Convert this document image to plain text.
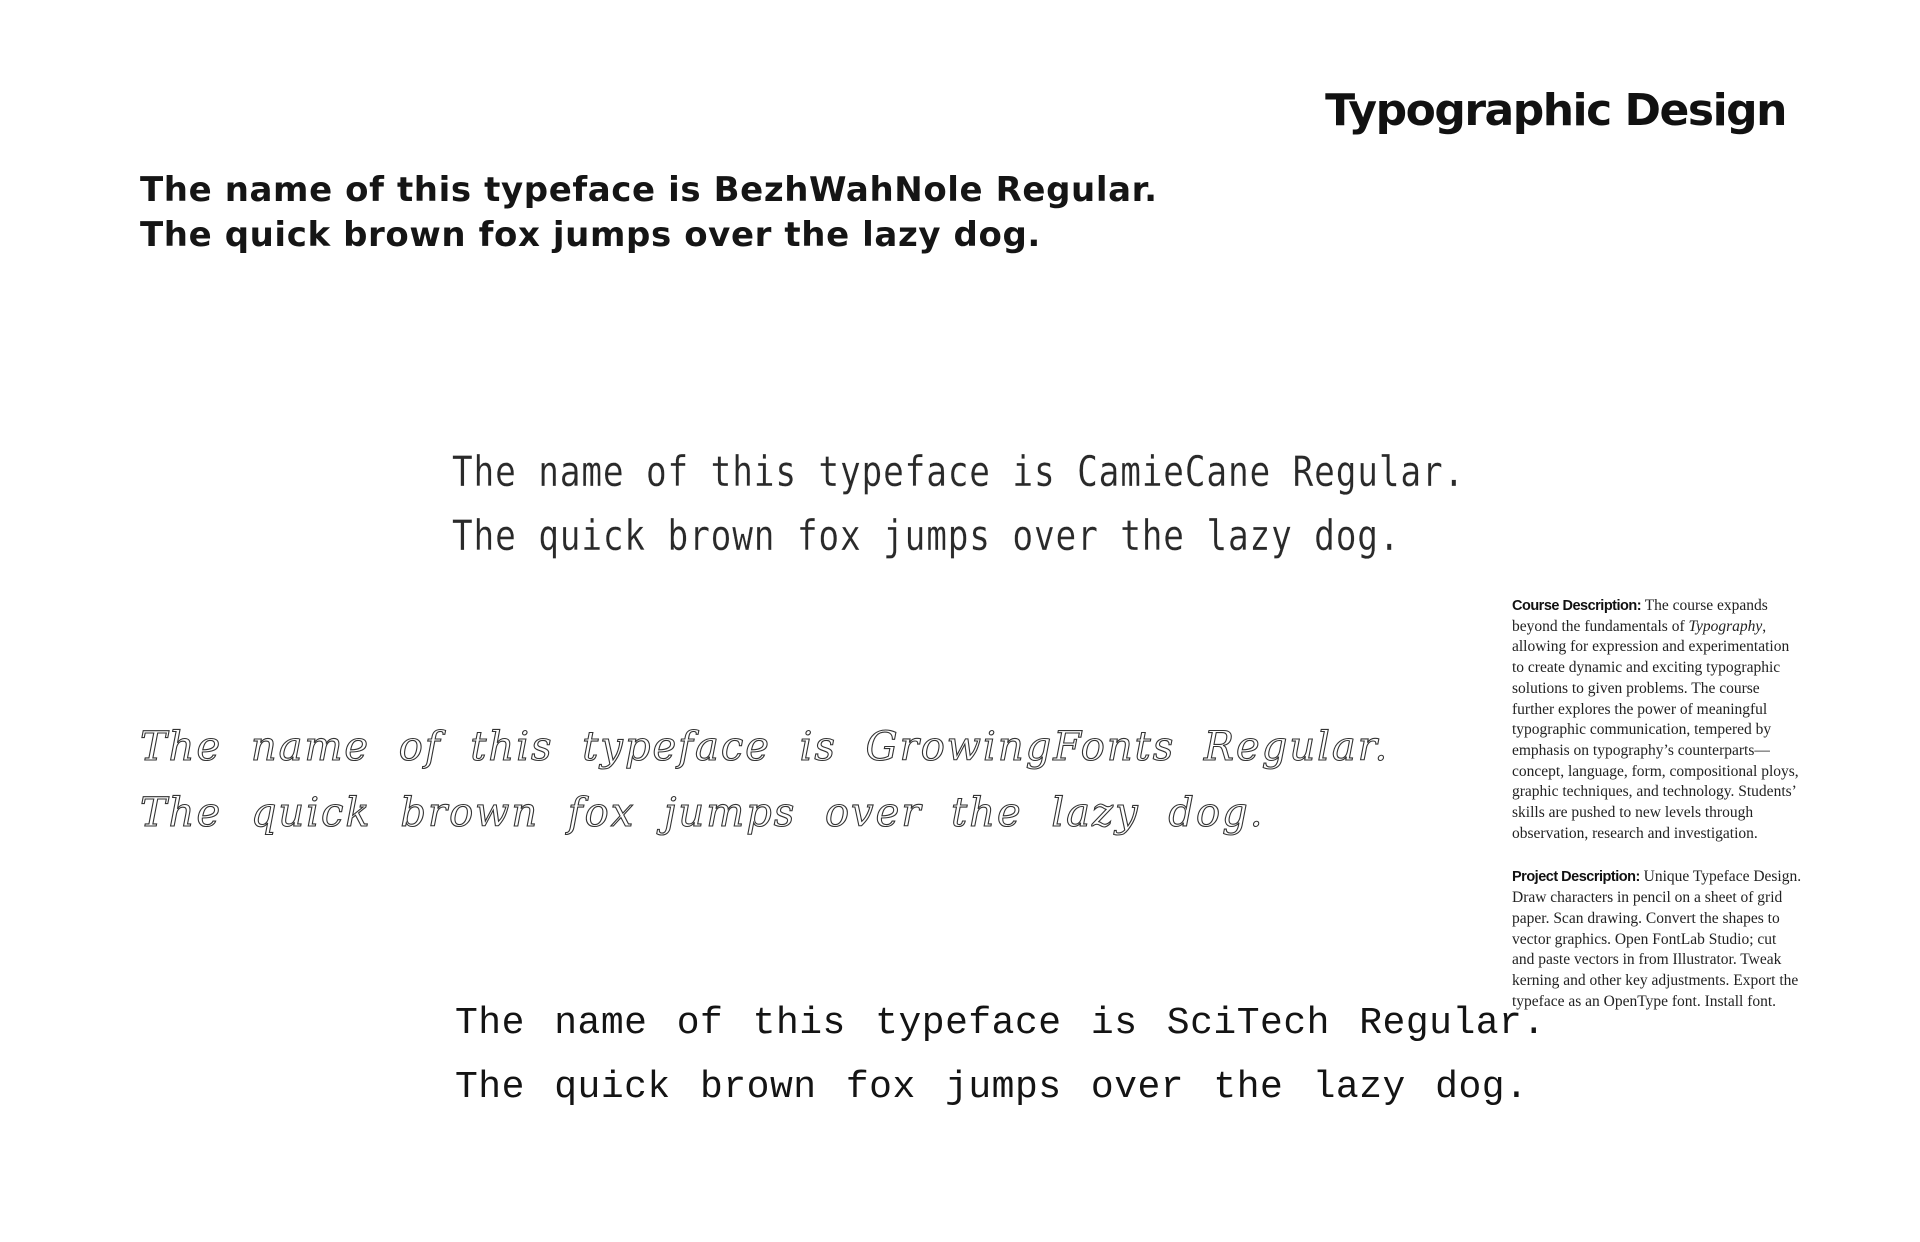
Typographic Design
The name of this typeface is BezhWahNole Regular.
The quick brown fox jumps over the lazy dog.
The name of this typeface is CamieCane Regular.
The quick brown fox jumps over the lazy dog.
The name of this typeface is GrowingFonts Regular.
The quick brown fox jumps over the lazy dog.
The name of this typeface is SciTech Regular.
The quick brown fox jumps over the lazy dog.

Course Description: The course expands beyond the fundamentals of Typography, allowing for expression and experimentation to create dynamic and exciting typographic solutions to given problems. The course further explores the power of meaningful typographic communication, tempered by emphasis on typography’s counterparts—concept, language, form, compositional ploys, graphic techniques, and technology. Students’ skills are pushed to new levels through observation, research and investigation.

Project Description: Unique Typeface Design. Draw characters in pencil on a sheet of grid paper. Scan drawing. Convert the shapes to vector graphics. Open FontLab Studio; cut and paste vectors in from Illustrator. Tweak kerning and other key adjustments. Export the typeface as an OpenType font. Install font.
